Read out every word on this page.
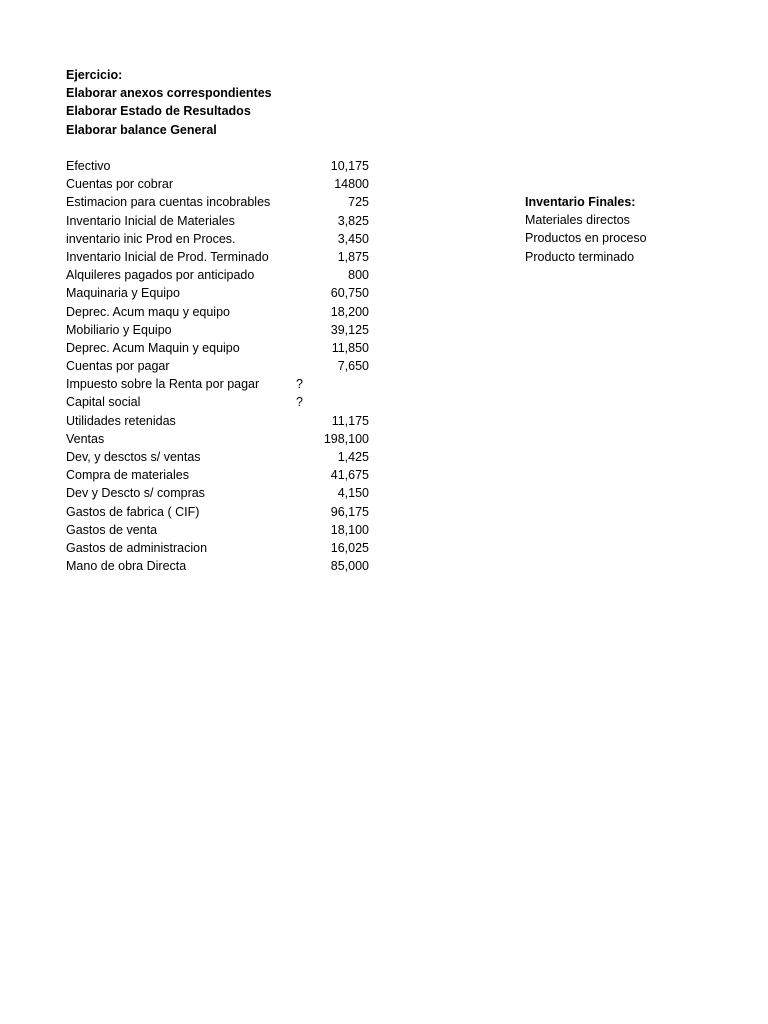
Ejercicio:
Elaborar anexos correspondientes
Elaborar Estado de Resultados
Elaborar balance General
Efectivo	10,175
Cuentas por cobrar	14800
Estimacion para cuentas incobrables	725
Inventario Inicial de Materiales	3,825
inventario inic Prod en Proces.	3,450
Inventario Inicial de Prod. Terminado	1,875
Alquileres pagados por anticipado	800
Maquinaria y Equipo	60,750
Deprec. Acum maqu y equipo	18,200
Mobiliario y Equipo	39,125
Deprec. Acum Maquin y equipo	11,850
Cuentas por pagar	7,650
Impuesto sobre la Renta por pagar	?
Capital social	?
Utilidades retenidas	11,175
Ventas	198,100
Dev, y desctos s/ ventas	1,425
Compra de materiales	41,675
Dev y Descto s/ compras	4,150
Gastos de fabrica ( CIF)	96,175
Gastos de venta	18,100
Gastos de administracion	16,025
Mano de obra Directa	85,000
Inventario Finales:
Materiales directos
Productos en proceso
Producto terminado
